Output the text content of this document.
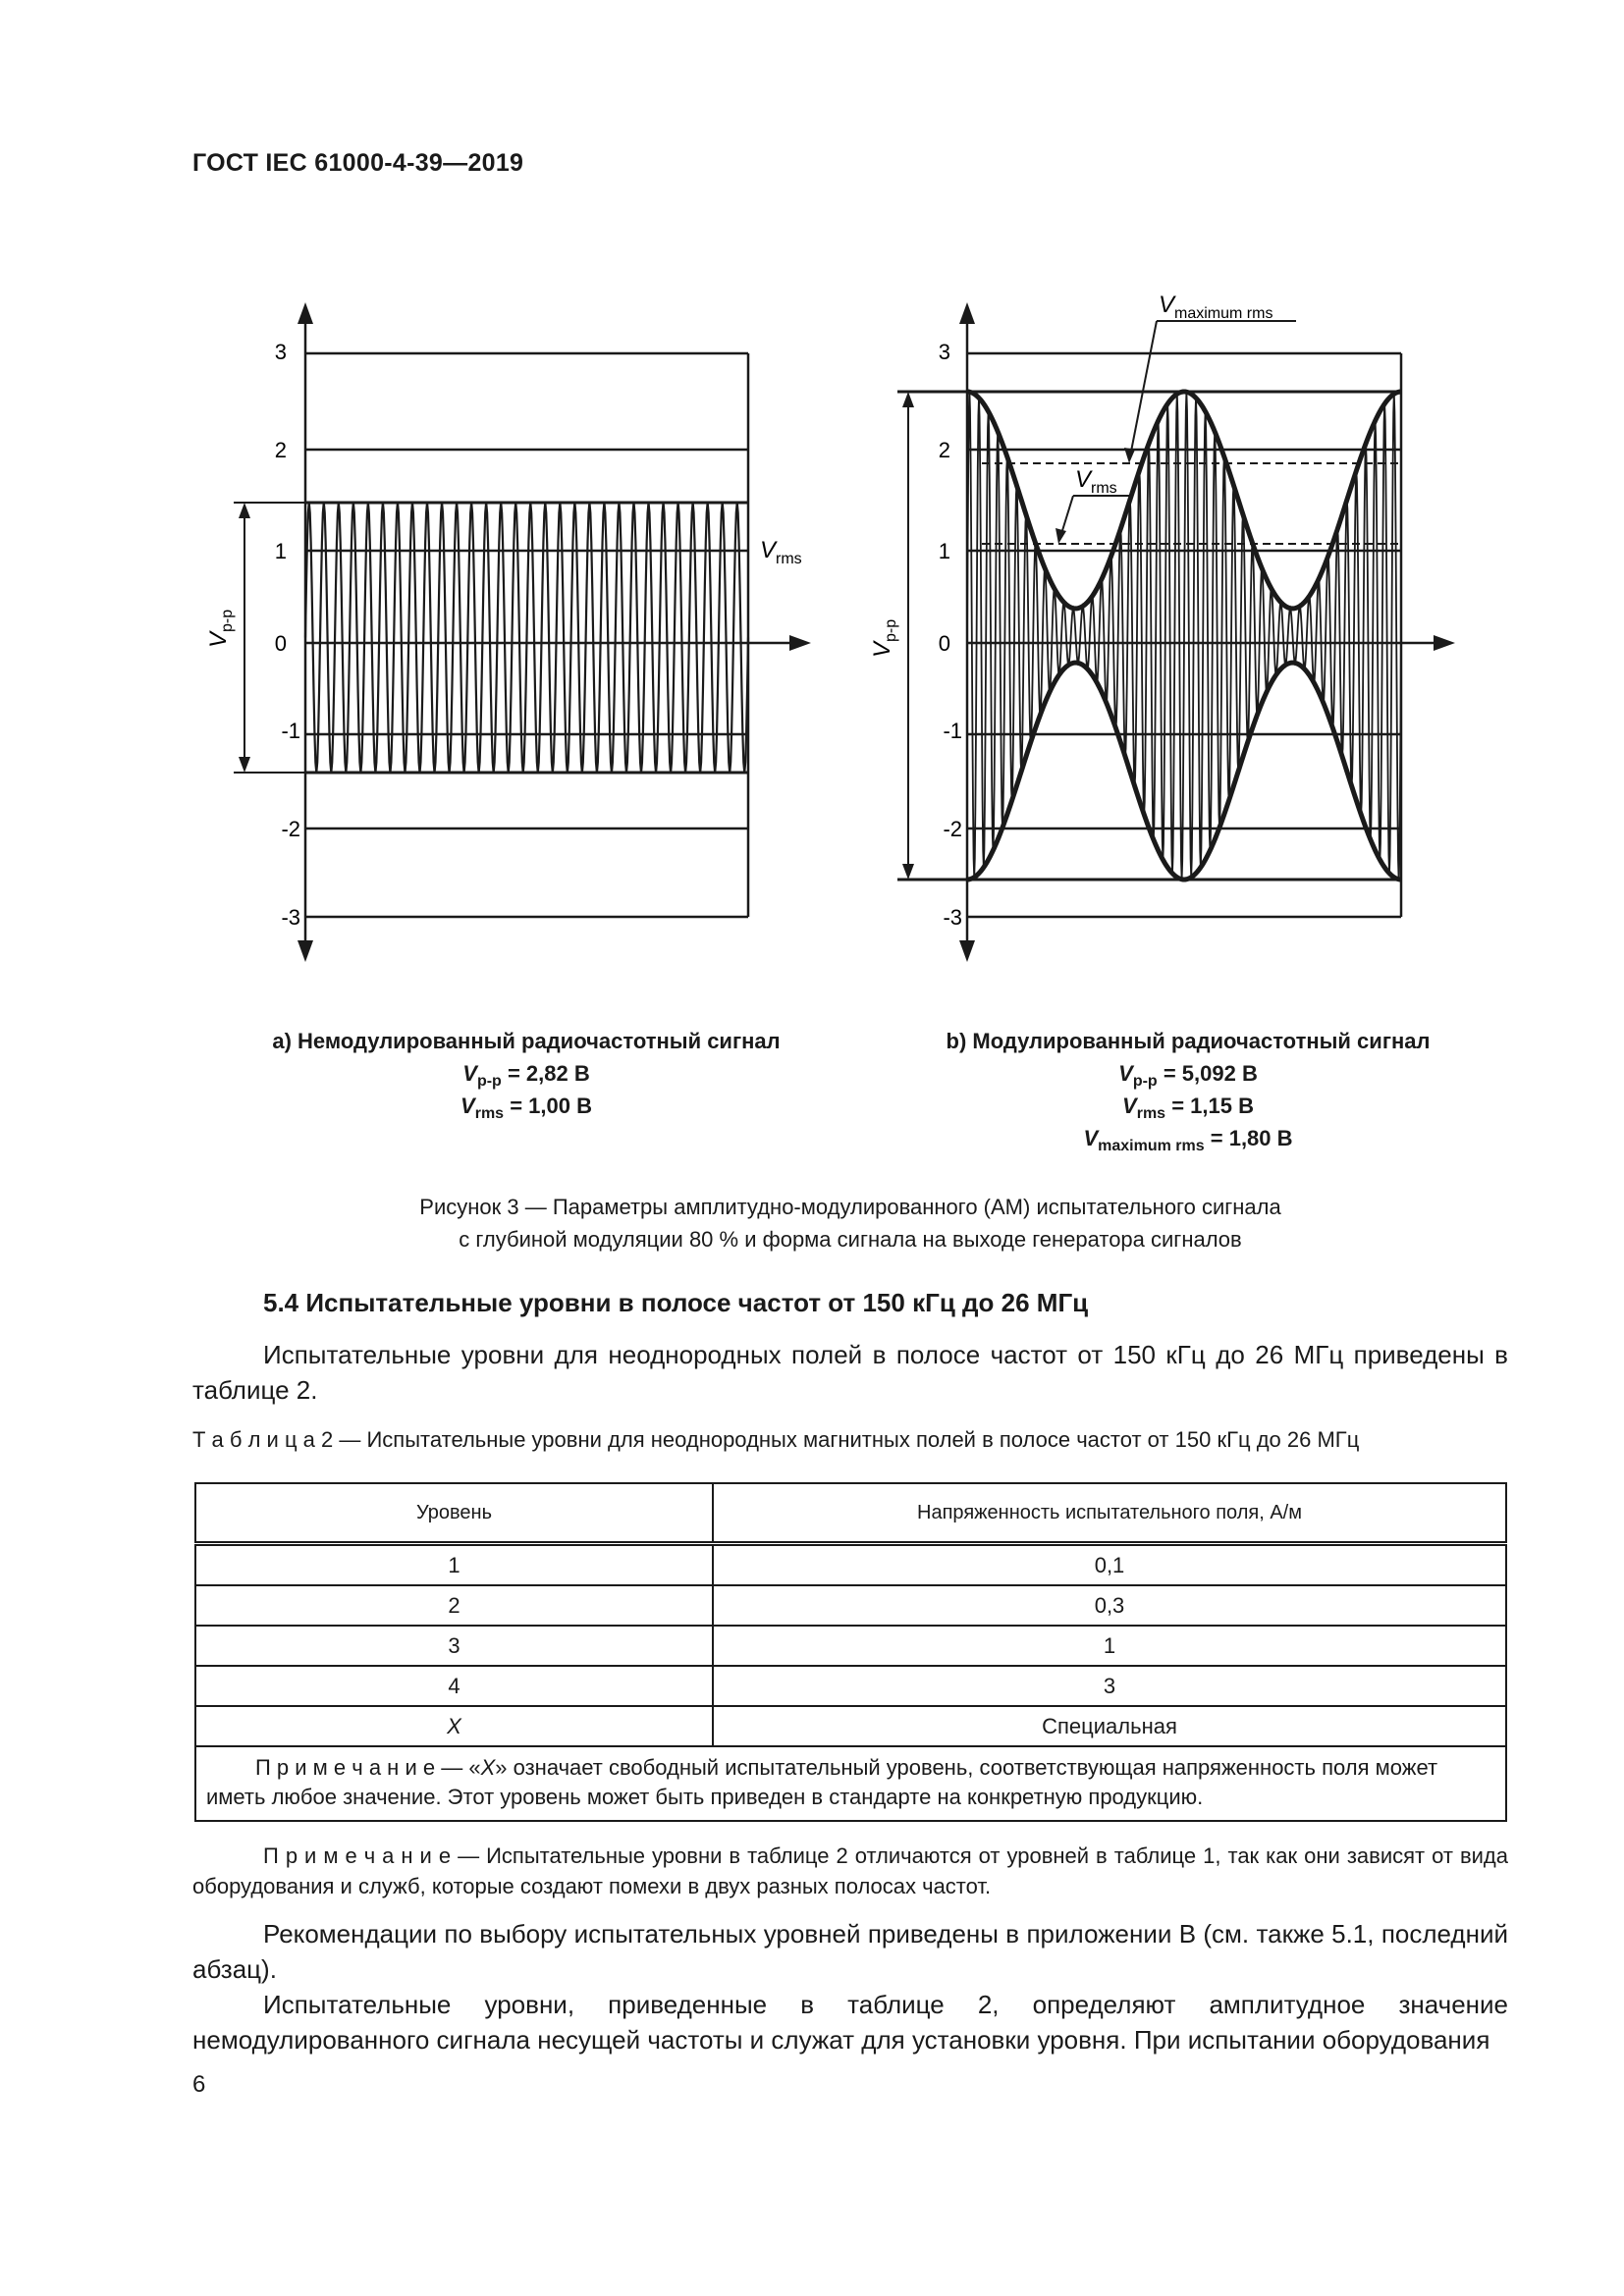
ГОСТ IEC 61000-4-39—2019
3
2
1
0
-1
-2
-3
$V_{p-p}$
$V_{rms}$
3
2
1
0
-1
-2
-3
$V_{p-p}$
$V_{maximum rms}$
$V_{rms}$
a) Немодулированный радиочастотный сигнал
$V_{p-p} = 2,82$ В
$V_{rms} = 1,00$ В
b) Модулированный радиочастотный сигнал
$V_{p-p} = 5,092$ В
$V_{rms} = 1,15$ В
$V_{maximum rms} = 1,80$ В
Рисунок 3 — Параметры амплитудно-модулированного (АМ) испытательного сигнала
с глубиной модуляции 80 % и форма сигнала на выходе генератора сигналов
5.4 Испытательные уровни в полосе частот от 150 кГц до 26 МГц
Испытательные уровни для неоднородных полей в полосе частот от 150 кГц до 26 МГц приведены в таблице 2.
Т а б л и ц а 2 — Испытательные уровни для неоднородных магнитных полей в полосе частот от 150 кГц до 26 МГц
Уровень	Напряженность испытательного поля, А/м
1	0,1
2	0,3
3	1
4	3
X	Специальная
П р и м е ч а н и е — «X» означает свободный испытательный уровень, соответствующая напряженность поля может иметь любое значение. Этот уровень может быть приведен в стандарте на конкретную продукцию.	
П р и м е ч а н и е — Испытательные уровни в таблице 2 отличаются от уровней в таблице 1, так как они зависят от вида оборудования и служб, которые создают помехи в двух разных полосах частот.
Рекомендации по выбору испытательных уровней приведены в приложении В (см. также 5.1, последний абзац).
Испытательные уровни, приведенные в таблице 2, определяют амплитудное значение немодулированного сигнала несущей частоты и служат для установки уровня. При испытании оборудования
6
